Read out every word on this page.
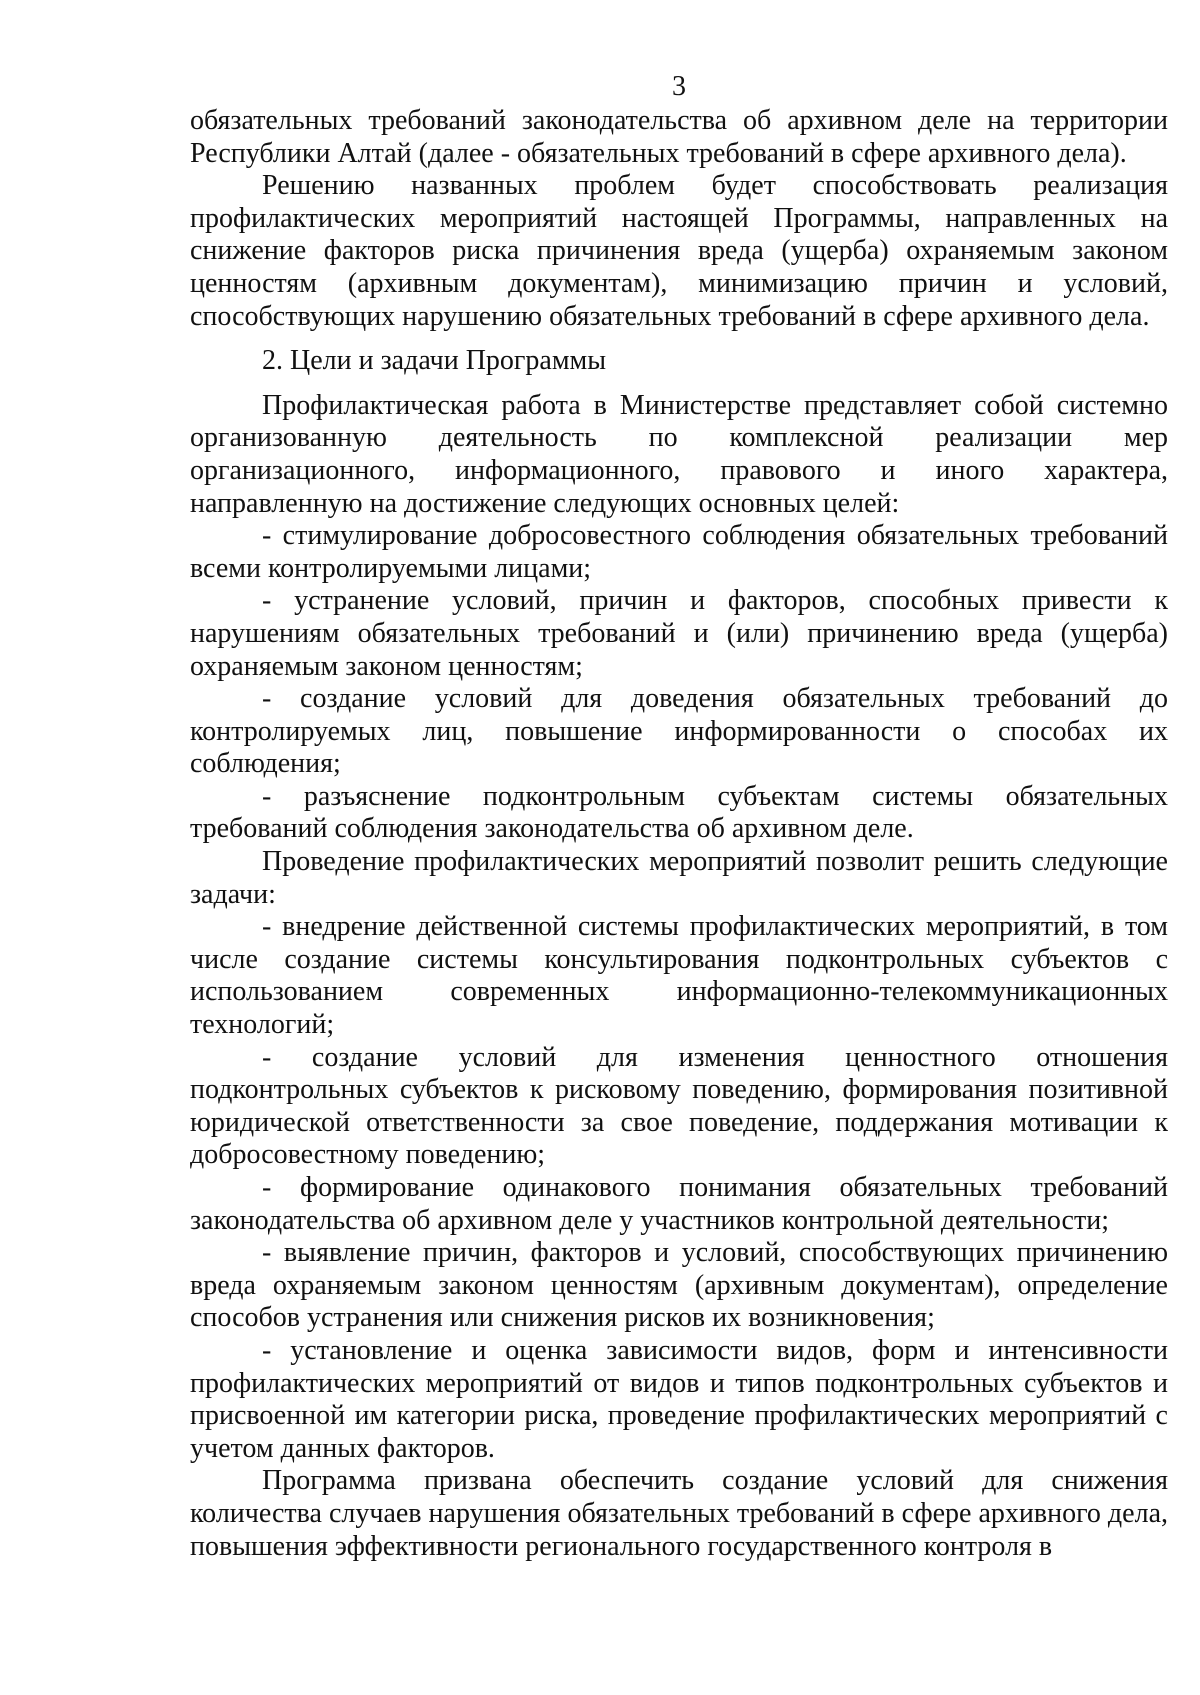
3

обязательных требований законодательства об архивном деле на территории Республики Алтай (далее - обязательных требований в сфере архивного дела).

Решению названных проблем будет способствовать реализация профилактических мероприятий настоящей Программы, направленных на снижение факторов риска причинения вреда (ущерба) охраняемым законом ценностям (архивным документам), минимизацию причин и условий, способствующих нарушению обязательных требований в сфере архивного дела.

2. Цели и задачи Программы

Профилактическая работа в Министерстве представляет собой системно организованную деятельность по комплексной реализации мер организационного, информационного, правового и иного характера, направленную на достижение следующих основных целей:

- стимулирование добросовестного соблюдения обязательных требований всеми контролируемыми лицами;

- устранение условий, причин и факторов, способных привести к нарушениям обязательных требований и (или) причинению вреда (ущерба) охраняемым законом ценностям;

- создание условий для доведения обязательных требований до контролируемых лиц, повышение информированности о способах их соблюдения;

- разъяснение подконтрольным субъектам системы обязательных требований соблюдения законодательства об архивном деле.

Проведение профилактических мероприятий позволит решить следующие задачи:

- внедрение действенной системы профилактических мероприятий, в том числе создание системы консультирования подконтрольных субъектов с использованием современных информационно-телекоммуникационных технологий;

- создание условий для изменения ценностного отношения подконтрольных субъектов к рисковому поведению, формирования позитивной юридической ответственности за свое поведение, поддержания мотивации к добросовестному поведению;

- формирование одинакового понимания обязательных требований законодательства об архивном деле у участников контрольной деятельности;

- выявление причин, факторов и условий, способствующих причинению вреда охраняемым законом ценностям (архивным документам), определение способов устранения или снижения рисков их возникновения;

- установление и оценка зависимости видов, форм и интенсивности профилактических мероприятий от видов и типов подконтрольных субъектов и присвоенной им категории риска, проведение профилактических мероприятий с учетом данных факторов.

Программа призвана обеспечить создание условий для снижения количества случаев нарушения обязательных требований в сфере архивного дела, повышения эффективности регионального государственного контроля в
